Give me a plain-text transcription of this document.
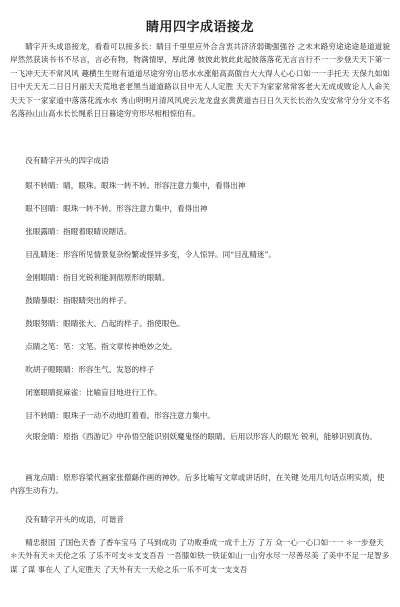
睛用四字成语接龙
睛字开头成语接龙，看看可以接多长：睛目千里里应外合含衷共济济弱锄强强谷 之末末路穷途途途是道道貌岸然然获读书书不尽言，言必有物，物满情厚，厚此薄 彼彼此彼此此起彼落落花无言言行不一一步登天天下第一一飞冲天天不常风风 趣横生生财有道道尽途穷穷山恶水水涨船高高傲自大大得人心心口如一一手托天 天保九如如日中天天无二日日月丽天天荒地老老黑当道道路以目中无人人定胜 天天下为家家常常客老大无成成败论人人命关天天下一家家道中落落花流水水 秀山明明月清风风虎云龙龙盘玄黄黄道吉日日久天长长治久安安常守分分文不名 名落孙山山高水长长绳系日日暮途穷穷形尽相相惊伯有。
没有睛字开头的四字成语
眼不转睛：睛，眼珠。眼珠一转不转。形容注意力集中，看得出神
眼不回睛：眼珠一转不转。形容注意力集中，看得出神
张眼露睛：指瞪着眼睛说瞎话。
目乱睛迷：形容所见情景复杂纷繁或怪异多变，令人惊异。同“目乱精迷”。
金刚眼睛：指目光锐利能洞彻原形的眼睛。
鼓睛暴眼：指眼睛突出的样子。
鼓眼努睛：眼睛张大、凸起的样子。指使眼色。
点睛之笔：笔：文笔。指文章传神绝妙之处。
吹胡子瞪眼睛：形容生气、发怒的样子
闭塞眼睛捉麻雀：比喻盲目地进行工作。
目不转睛：眼珠子一动不动地盯着看。形容注意力集中。
火眼金睛：原指《西游记》中孙悟空能识别妖魔鬼怪的眼睛。后用以形容人的眼光 锐利，能够识别真伪。
画龙点睛：原形容梁代画家张僧繇作画的神妙。后多比喻写文章或讲话时，在关键 处用几句话点明实质，使内容生动有力。
没有睛字开头的成语，可谐音
精忠报国 了国色天香 了香车宝马 了马到成功 了功败垂成一成千上万 了万 众一心一心口如一一 ＊一步登天＊天外有天＊天伦之乐 了乐不可支＊支支吾吾 一吾膝如铁一铁证如山一山穷水尽一尽善尽美 了美中不足一足智多谋 了谋 事在人 了人定胜天 了天外有天一天伦之乐一乐不可支一支支吾
